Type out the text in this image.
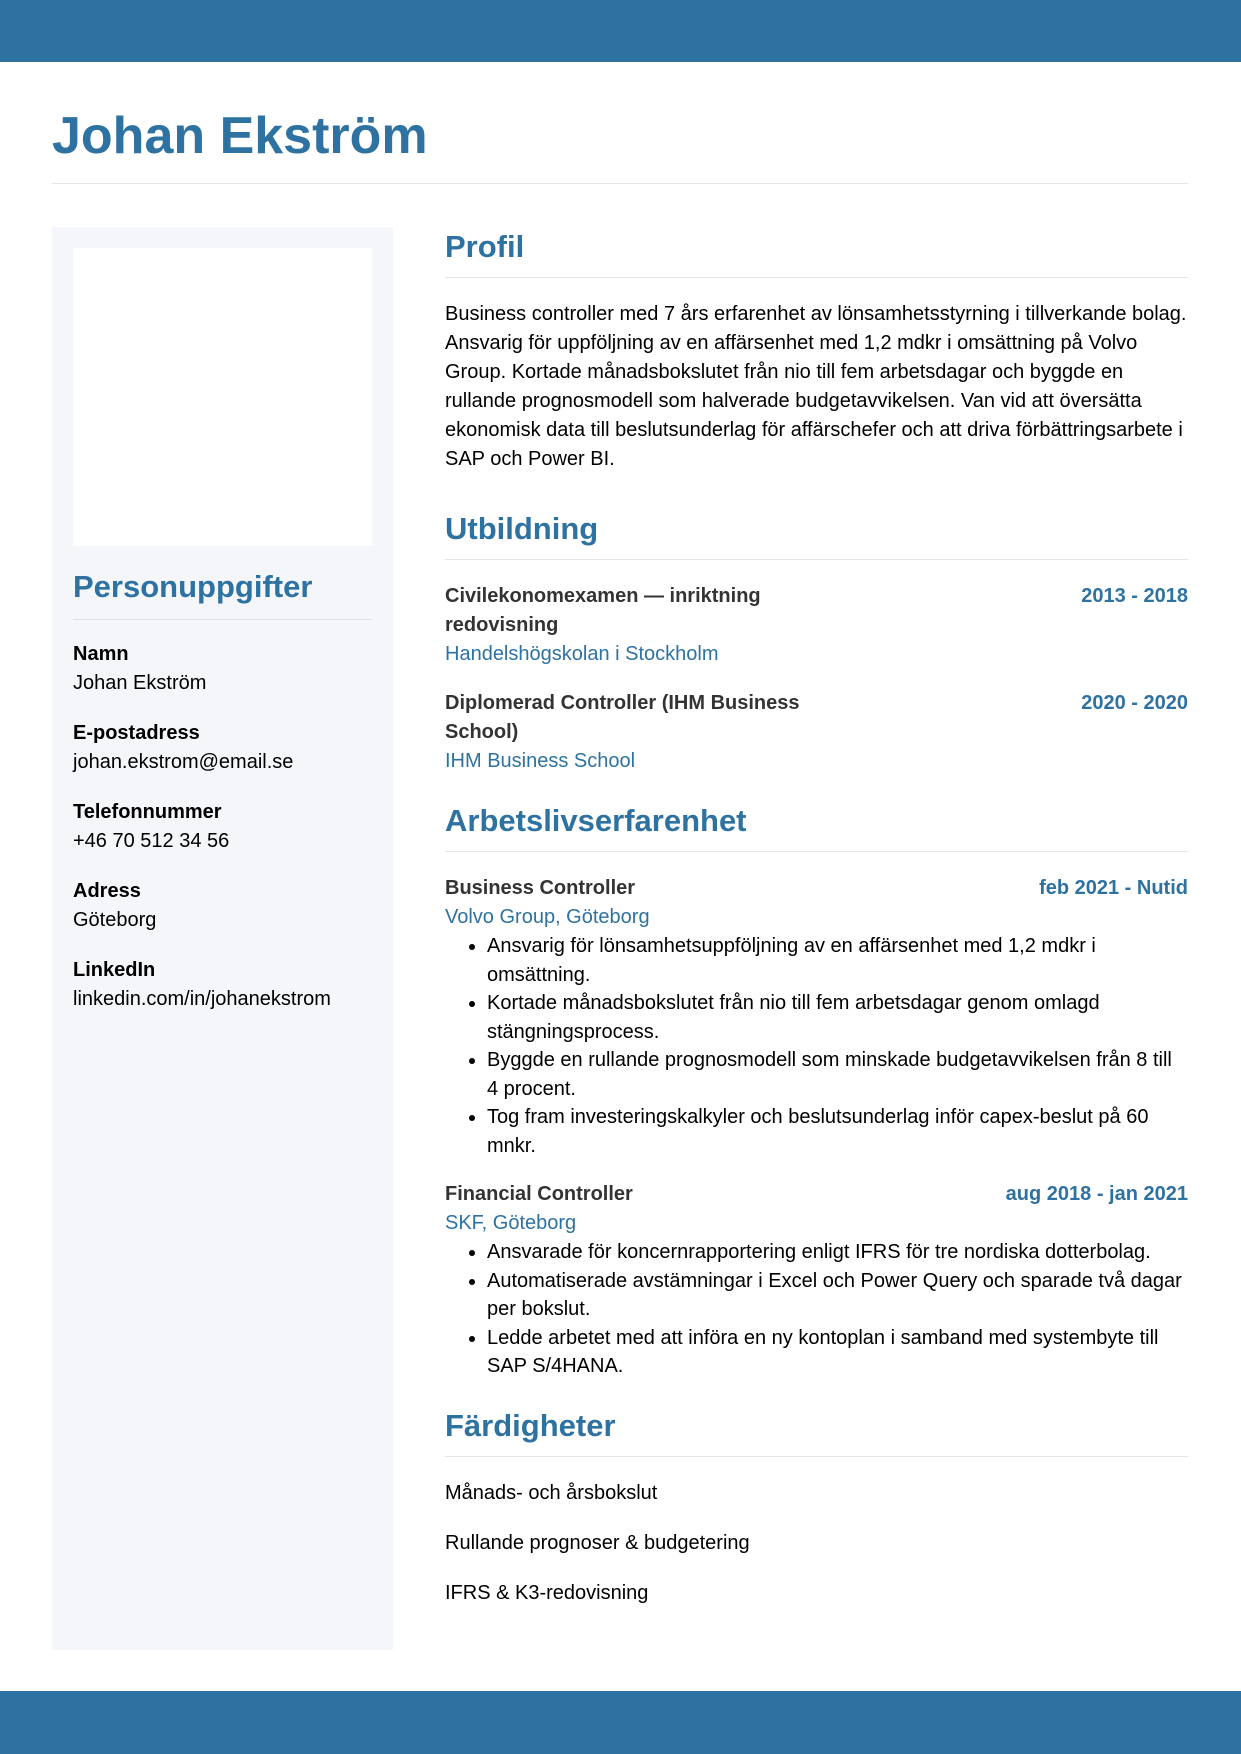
Johan Ekström
Personuppgifter
Namn
Johan Ekström
E-postadress
johan.ekstrom@email.se
Telefonnummer
+46 70 512 34 56
Adress
Göteborg
LinkedIn
linkedin.com/in/johanekstrom
Profil

Business controller med 7 års erfarenhet av lönsamhetsstyrning i tillverkande bolag. Ansvarig för uppföljning av en affärsenhet med 1,2 mdkr i omsättning på Volvo Group. Kortade månadsbokslutet från nio till fem arbetsdagar och byggde en rullande prognosmodell som halverade budgetavvikelsen. Van vid att översätta ekonomisk data till beslutsunderlag för affärschefer och att driva förbättringsarbete i SAP och Power BI.

Utbildning
Civilekonomexamen — inriktning redovisning
2013 - 2018
Handelshögskolan i Stockholm
Diplomerad Controller (IHM Business School)
2020 - 2020
IHM Business School
Arbetslivserfarenhet
Business Controller	feb 2021 - Nutid
Volvo Group, Göteborg
• Ansvarig för lönsamhetsuppföljning av en affärsenhet med 1,2 mdkr i omsättning.
• Kortade månadsbokslutet från nio till fem arbetsdagar genom omlagd stängningsprocess.
• Byggde en rullande prognosmodell som minskade budgetavvikelsen från 8 till 4 procent.
• Tog fram investeringskalkyler och beslutsunderlag inför capex-beslut på 60 mnkr.
Financial Controller	aug 2018 - jan 2021
SKF, Göteborg
• Ansvarade för koncernrapportering enligt IFRS för tre nordiska dotterbolag.
• Automatiserade avstämningar i Excel och Power Query och sparade två dagar per bokslut.
• Ledde arbetet med att införa en ny kontoplan i samband med systembyte till SAP S/4HANA.
Färdigheter
Månads- och årsbokslut
Rullande prognoser & budgetering
IFRS & K3-redovisning
